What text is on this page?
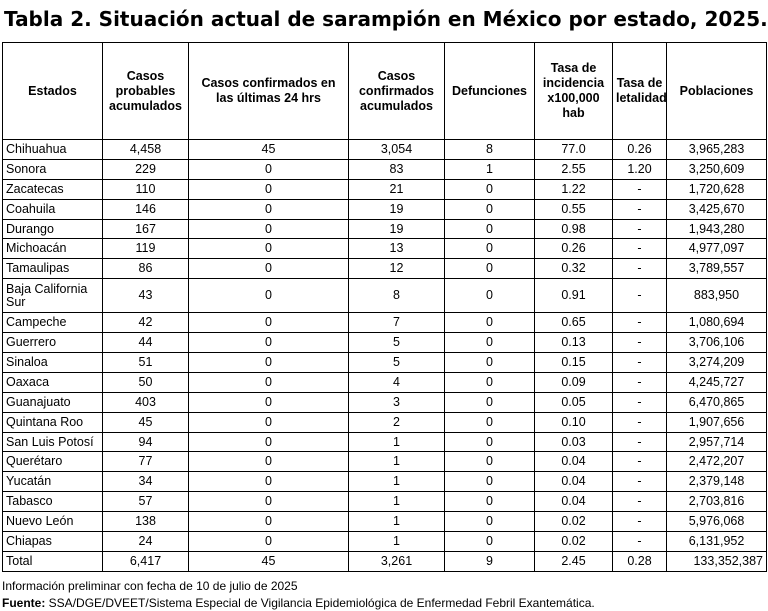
Tabla 2. Situación actual de sarampión en México por estado, 2025.
Estados	Casos probables acumulados	Casos confirmados en las últimas 24 hrs	Casos confirmados acumulados	Defunciones	Tasa de incidencia x100,000 hab	Tasa de letalidad	Poblaciones
Chihuahua	4,458	45	3,054	8	77.0	0.26	3,965,283
Sonora	229	0	83	1	2.55	1.20	3,250,609
Zacatecas	110	0	21	0	1.22	-	1,720,628
Coahuila	146	0	19	0	0.55	-	3,425,670
Durango	167	0	19	0	0.98	-	1,943,280
Michoacán	119	0	13	0	0.26	-	4,977,097
Tamaulipas	86	0	12	0	0.32	-	3,789,557
Baja California Sur	43	0	8	0	0.91	-	883,950
Campeche	42	0	7	0	0.65	-	1,080,694
Guerrero	44	0	5	0	0.13	-	3,706,106
Sinaloa	51	0	5	0	0.15	-	3,274,209
Oaxaca	50	0	4	0	0.09	-	4,245,727
Guanajuato	403	0	3	0	0.05	-	6,470,865
Quintana Roo	45	0	2	0	0.10	-	1,907,656
San Luis Potosí	94	0	1	0	0.03	-	2,957,714
Querétaro	77	0	1	0	0.04	-	2,472,207
Yucatán	34	0	1	0	0.04	-	2,379,148
Tabasco	57	0	1	0	0.04	-	2,703,816
Nuevo León	138	0	1	0	0.02	-	5,976,068
Chiapas	24	0	1	0	0.02	-	6,131,952
Total	6,417	45	3,261	9	2.45	0.28	133,352,387
Información preliminar con fecha de 10 de julio de 2025
Fuente: SSA/DGE/DVEET/Sistema Especial de Vigilancia Epidemiológica de Enfermedad Febril Exantemática.
